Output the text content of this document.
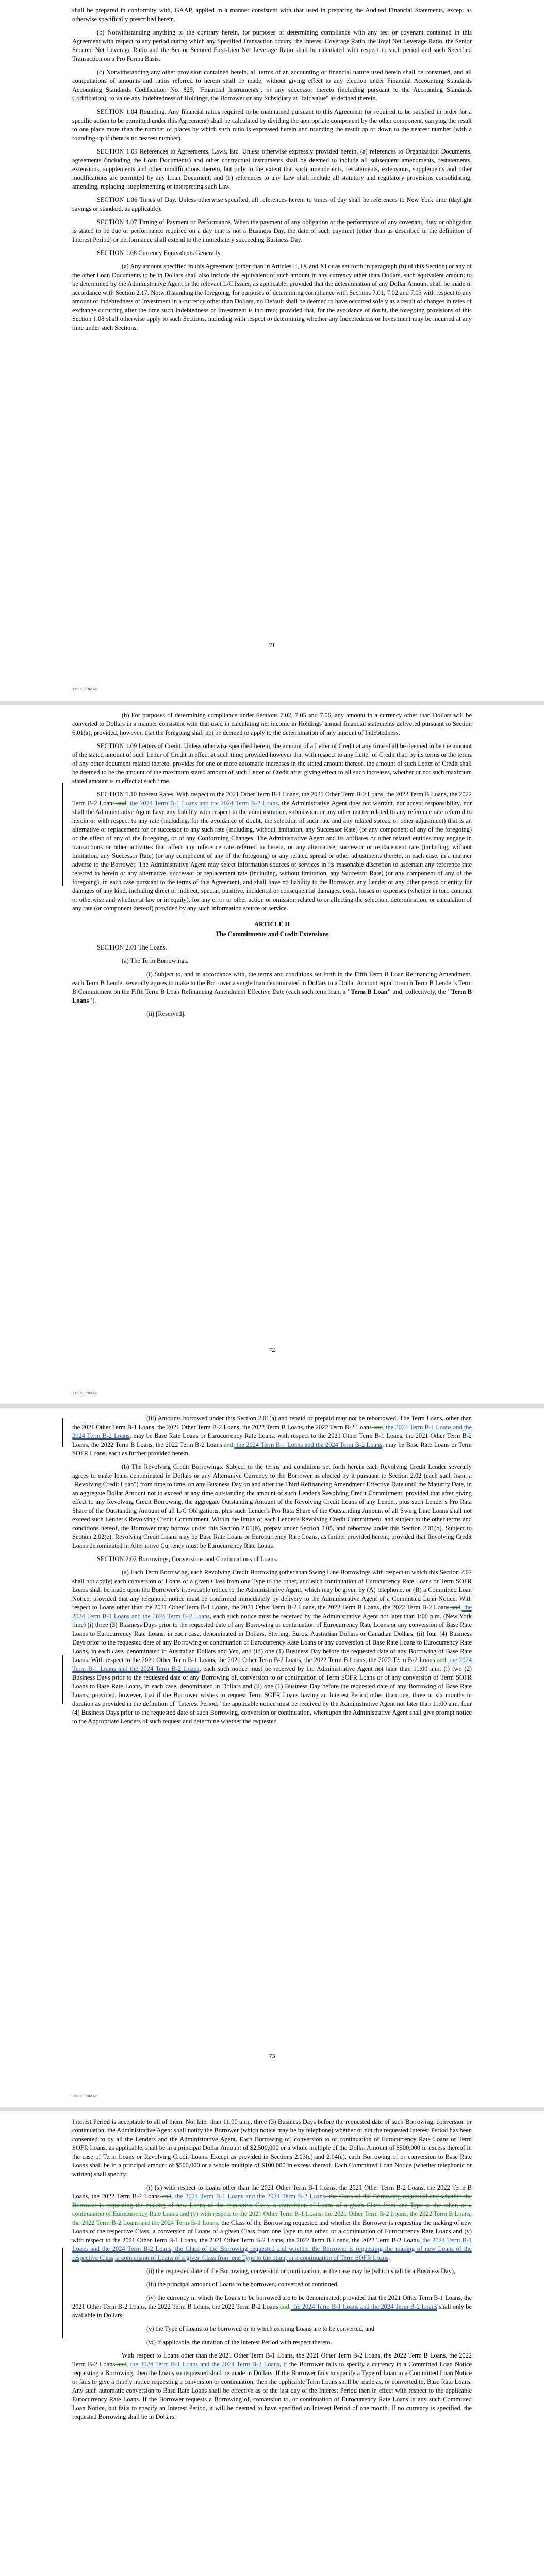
shall be prepared in conformity with, GAAP, applied in a manner consistent with that used in preparing the Audited Financial Statements, except as otherwise specifically prescribed herein.

(b) Notwithstanding anything to the contrary herein, for purposes of determining compliance with any test or covenant contained in this Agreement with respect to any period during which any Specified Transaction occurs, the Interest Coverage Ratio, the Total Net Leverage Ratio, the Senior Secured Net Leverage Ratio and the Senior Secured First-Lien Net Leverage Ratio shall be calculated with respect to such period and such Specified Transaction on a Pro Forma Basis.

(c) Notwithstanding any other provision contained herein, all terms of an accounting or financial nature used herein shall be construed, and all computations of amounts and ratios referred to herein shall be made, without giving effect to any election under Financial Accounting Standards Accounting Standards Codification No. 825, "Financial Instruments", or any successor thereto (including pursuant to the Accounting Standards Codification), to value any Indebtedness of Holdings, the Borrower or any Subsidiary at "fair value" as defined therein.

SECTION 1.04 Rounding. Any financial ratios required to be maintained pursuant to this Agreement (or required to be satisfied in order for a specific action to be permitted under this Agreement) shall be calculated by dividing the appropriate component by the other component, carrying the result to one place more than the number of places by which such ratio is expressed herein and rounding the result up or down to the nearest number (with a rounding-up if there is no nearest number).

SECTION 1.05 References to Agreements, Laws, Etc. Unless otherwise expressly provided herein, (a) references to Organization Documents, agreements (including the Loan Documents) and other contractual instruments shall be deemed to include all subsequent amendments, restatements, extensions, supplements and other modifications thereto, but only to the extent that such amendments, restatements, extensions, supplements and other modifications are permitted by any Loan Document; and (b) references to any Law shall include all statutory and regulatory provisions consolidating, amending, replacing, supplementing or interpreting such Law.

SECTION 1.06 Times of Day. Unless otherwise specified, all references herein to times of day shall be references to New York time (daylight savings or standard, as applicable).

SECTION 1.07 Timing of Payment or Performance. When the payment of any obligation or the performance of any covenant, duty or obligation is stated to be due or performance required on a day that is not a Business Day, the date of such payment (other than as described in the definition of Interest Period) or performance shall extend to the immediately succeeding Business Day.

SECTION 1.08 Currency Equivalents Generally.

(a) Any amount specified in this Agreement (other than in Articles II, IX and XI or as set forth in paragraph (b) of this Section) or any of the other Loan Documents to be in Dollars shall also include the equivalent of such amount in any currency other than Dollars, such equivalent amount to be determined by the Administrative Agent or the relevant L/C Issuer, as applicable; provided that the determination of any Dollar Amount shall be made in accordance with Section 2.17. Notwithstanding the foregoing, for purposes of determining compliance with Sections 7.01, 7.02 and 7.03 with respect to any amount of Indebtedness or Investment in a currency other than Dollars, no Default shall be deemed to have occurred solely as a result of changes in rates of exchange occurring after the time such Indebtedness or Investment is incurred; provided that, for the avoidance of doubt, the foregoing provisions of this Section 1.08 shall otherwise apply to such Sections, including with respect to determining whether any Indebtedness or Investment may be incurred at any time under such Sections.

71
OFFICE/DMS-2

(b) For purposes of determining compliance under Sections 7.02, 7.05 and 7.06, any amount in a currency other than Dollars will be converted to Dollars in a manner consistent with that used in calculating net income in Holdings' annual financial statements delivered pursuant to Section 6.01(a); provided, however, that the foregoing shall not be deemed to apply to the determination of any amount of Indebtedness.

SECTION 1.09 Letters of Credit. Unless otherwise specified herein, the amount of a Letter of Credit at any time shall be deemed to be the amount of the stated amount of such Letter of Credit in effect at such time; provided however that with respect to any Letter of Credit that, by its terms or the terms of any other document related thereto, provides for one or more automatic increases in the stated amount thereof, the amount of such Letter of Credit shall be deemed to be the amount of the maximum stated amount of such Letter of Credit after giving effect to all such increases, whether or not such maximum stated amount is in effect at such time.

SECTION 1.10 Interest Rates. With respect to the 2021 Other Term B-1 Loans, the 2021 Other Term B-2 Loans, the 2022 Term B Loans, the 2022 Term B-2 Loans and, the 2024 Term B-1 Loans and the 2024 Term B-2 Loans, the Administrative Agent does not warrant, nor accept responsibility, nor shall the Administrative Agent have any liability with respect to the administration, submission or any other matter related to any reference rate referred to herein or with respect to any rate (including, for the avoidance of doubt, the selection of such rate and any related spread or other adjustment) that is an alternative or replacement for or successor to any such rate (including, without limitation, any Successor Rate) (or any component of any of the foregoing) or the effect of any of the foregoing, or of any Conforming Changes. The Administrative Agent and its affiliates or other related entities may engage in transactions or other activities that affect any reference rate referred to herein, or any alternative, successor or replacement rate (including, without limitation, any Successor Rate) (or any component of any of the foregoing) or any related spread or other adjustments thereto, in each case, in a manner adverse to the Borrower. The Administrative Agent may select information sources or services in its reasonable discretion to ascertain any reference rate referred to herein or any alternative, successor or replacement rate (including, without limitation, any Successor Rate) (or any component of any of the foregoing), in each case pursuant to the terms of this Agreement, and shall have no liability to the Borrower, any Lender or any other person or entity for damages of any kind, including direct or indirect, special, punitive, incidental or consequential damages, costs, losses or expenses (whether in tort, contract or otherwise and whether at law or in equity), for any error or other action or omission related to or affecting the selection, determination, or calculation of any rate (or component thereof) provided by any such information source or service.

ARTICLE II

The Commitments and Credit Extensions

SECTION 2.01 The Loans.

(a) The Term Borrowings.

(i) Subject to, and in accordance with, the terms and conditions set forth in the Fifth Term B Loan Refinancing Amendment, each Term B Lender severally agrees to make to the Borrower a single loan denominated in Dollars in a Dollar Amount equal to such Term B Lender's Term B Commitment on the Fifth Term B Loan Refinancing Amendment Effective Date (each such term loan, a "Term B Loan" and, collectively, the "Term B Loans").

(ii) [Reserved].

72
OFFICE/DMS-2

(iii) Amounts borrowed under this Section 2.01(a) and repaid or prepaid may not be reborrowed. The Term Loans, other than the 2021 Other Term B-1 Loans, the 2021 Other Term B-2 Loans, the 2022 Term B Loans, the 2022 Term B-2 Loans and, the 2024 Term B-1 Loans and the 2024 Term B-2 Loans, may be Base Rate Loans or Eurocurrency Rate Loans, with respect to the 2021 Other Term B-1 Loans, the 2021 Other Term B-2 Loans, the 2022 Term B Loans, the 2022 Term B-2 Loans and, the 2024 Term B-1 Loans and the 2024 Term B-2 Loans, may be Base Rate Loans or Term SOFR Loans, each as further provided herein.

(b) The Revolving Credit Borrowings. Subject to the terms and conditions set forth herein each Revolving Credit Lender severally agrees to make loans denominated in Dollars or any Alternative Currency to the Borrower as elected by it pursuant to Section 2.02 (each such loan, a "Revolving Credit Loan") from time to time, on any Business Day on and after the Third Refinancing Amendment Effective Date until the Maturity Date, in an aggregate Dollar Amount not to exceed at any time outstanding the amount of such Lender's Revolving Credit Commitment; provided that after giving effect to any Revolving Credit Borrowing, the aggregate Outstanding Amount of the Revolving Credit Loans of any Lender, plus such Lender's Pro Rata Share of the Outstanding Amount of all L/C Obligations, plus such Lender's Pro Rata Share of the Outstanding Amount of all Swing Line Loans shall not exceed such Lender's Revolving Credit Commitment. Within the limits of each Lender's Revolving Credit Commitment, and subject to the other terms and conditions hereof, the Borrower may borrow under this Section 2.01(b), prepay under Section 2.05, and reborrow under this Section 2.01(b). Subject to Section 2.02(e), Revolving Credit Loans may be Base Rate Loans or Eurocurrency Rate Loans, as further provided herein; provided that Revolving Credit Loans denominated in Alternative Currency must be Eurocurrency Rate Loans.

SECTION 2.02 Borrowings, Conversions and Continuations of Loans.

(a) Each Term Borrowing, each Revolving Credit Borrowing (other than Swing Line Borrowings with respect to which this Section 2.02 shall not apply) each conversion of Loans of a given Class from one Type to the other, and each continuation of Eurocurrency Rate Loans or Term SOFR Loans shall be made upon the Borrower's irrevocable notice to the Administrative Agent, which may be given by (A) telephone, or (B) a Committed Loan Notice; provided that any telephone notice must be confirmed immediately by delivery to the Administrative Agent of a Committed Loan Notice. With respect to Loans other than the 2021 Other Term B-1 Loans, the 2021 Other Term B-2 Loans, the 2022 Term B Loans, the 2022 Term B-2 Loans and, the 2024 Term B-1 Loans and the 2024 Term B-2 Loans, each such notice must be received by the Administrative Agent not later than 1:00 p.m. (New York time) (i) three (3) Business Days prior to the requested date of any Borrowing or continuation of Eurocurrency Rate Loans or any conversion of Base Rate Loans to Eurocurrency Rate Loans, in each case, denominated in Dollars, Sterling, Euros, Australian Dollars or Canadian Dollars, (ii) four (4) Business Days prior to the requested date of any Borrowing or continuation of Eurocurrency Rate Loans or any conversion of Base Rate Loans to Eurocurrency Rate Loans, in each case, denominated in Australian Dollars and Yen, and (iii) one (1) Business Day before the requested date of any Borrowing of Base Rate Loans. With respect to the 2021 Other Term B-1 Loans, the 2021 Other Term B-2 Loans, the 2022 Term B Loans, the 2022 Term B-2 Loans and, the 2024 Term B-1 Loans and the 2024 Term B-2 Loans, each such notice must be received by the Administrative Agent not later than 11:00 a.m. (i) two (2) Business Days prior to the requested date of any Borrowing of, conversion to or continuation of Term SOFR Loans or of any conversion of Term SOFR Loans to Base Rate Loans, in each case, denominated in Dollars and (ii) one (1) Business Day before the requested date of any Borrowing of Base Rate Loans; provided, however, that if the Borrower wishes to request Term SOFR Loans having an Interest Period other than one, three or six months in duration as provided in the definition of "Interest Period," the applicable notice must be received by the Administrative Agent not later than 11:00 a.m. four (4) Business Days prior to the requested date of such Borrowing, conversion or continuation, whereupon the Administrative Agent shall give prompt notice to the Appropriate Lenders of such request and determine whether the requested

73
OFFICE/DMS-2

Interest Period is acceptable to all of them. Not later than 11:00 a.m., three (3) Business Days before the requested date of such Borrowing, conversion or continuation, the Administrative Agent shall notify the Borrower (which notice may be by telephone) whether or not the requested Interest Period has been consented to by all the Lenders and the Administrative Agent. Each Borrowing of, conversion to or continuation of Eurocurrency Rate Loans or Term SOFR Loans, as applicable, shall be in a principal Dollar Amount of $2,500,000 or a whole multiple of the Dollar Amount of $500,000 in excess thereof in the case of Term Loans or Revolving Credit Loans. Except as provided in Sections 2.03(c) and 2.04(c), each Borrowing of or conversion to Base Rate Loans shall be in a principal amount of $500,000 or a whole multiple of $100,000 in excess thereof. Each Committed Loan Notice (whether telephonic or written) shall specify:

(i) (x) with respect to Loans other than the 2021 Other Term B-1 Loans, the 2021 Other Term B-2 Loans, the 2022 Term B Loans, the 2022 Term B-2 Loans and, the 2024 Term B-1 Loans and the 2024 Term B-2 Loans, the Class of the Borrowing requested and whether the Borrower is requesting the making of new Loans of the respective Class, a conversion of Loans of a given Class from one Type to the other, or a continuation of Eurocurrency Rate Loans and (y) with respect to the 2021 Other Term B-1 Loans, the 2021 Other Term B-2 Loans, the 2022 Term B Loans, the 2022 Term B-2 Loans and the 2024 Term B-1 Loans, the Class of the Borrowing requested and whether the Borrower is requesting the making of new Loans of the respective Class, a conversion of Loans of a given Class from one Type to the other, or a continuation of Eurocurrency Rate Loans and (y) with respect to the 2021 Other Term B-1 Loans, the 2021 Other Term B-2 Loans, the 2022 Term B Loans, the 2022 Term B-2 Loans, the 2024 Term B-1 Loans and the 2024 Term B-2 Loans, the Class of the Borrowing requested and whether the Borrower is requesting the making of new Loans of the respective Class, a conversion of Loans of a given Class from one Type to the other, or a continuation of Term SOFR Loans,

(ii) the requested date of the Borrowing, conversion or continuation, as the case may be (which shall be a Business Day),

(iii) the principal amount of Loans to be borrowed, converted or continued,

(iv) the currency in which the Loans to be borrowed are to be denominated; provided that the 2021 Other Term B-1 Loans, the 2021 Other Term B-2 Loans, the 2022 Term B Loans, the 2022 Term B-2 Loans and, the 2024 Term B-1 Loans and the 2024 Term B-2 Loans shall only be available in Dollars,

(v) the Type of Loans to be borrowed or to which existing Loans are to be converted, and

(vi) if applicable, the duration of the Interest Period with respect thereto.

With respect to Loans other than the 2021 Other Term B-1 Loans, the 2021 Other Term B-2 Loans, the 2022 Term B Loans, the 2022 Term B-2 Loans and, the 2024 Term B-1 Loans and the 2024 Term B-2 Loans, if the Borrower fails to specify a currency in a Committed Loan Notice requesting a Borrowing, then the Loans so requested shall be made in Dollars. If the Borrower fails to specify a Type of Loan in a Committed Loan Notice or fails to give a timely notice requesting a conversion or continuation, then the applicable Term Loans shall be made as, or converted to, Base Rate Loans. Any such automatic conversion to Base Rate Loans shall be effective as of the last day of the Interest Period then in effect with respect to the applicable Eurocurrency Rate Loans. If the Borrower requests a Borrowing of, conversion to, or continuation of Eurocurrency Rate Loans in any such Committed Loan Notice, but fails to specify an Interest Period, it will be deemed to have specified an Interest Period of one month. If no currency is specified, the requested Borrowing shall be in Dollars.
